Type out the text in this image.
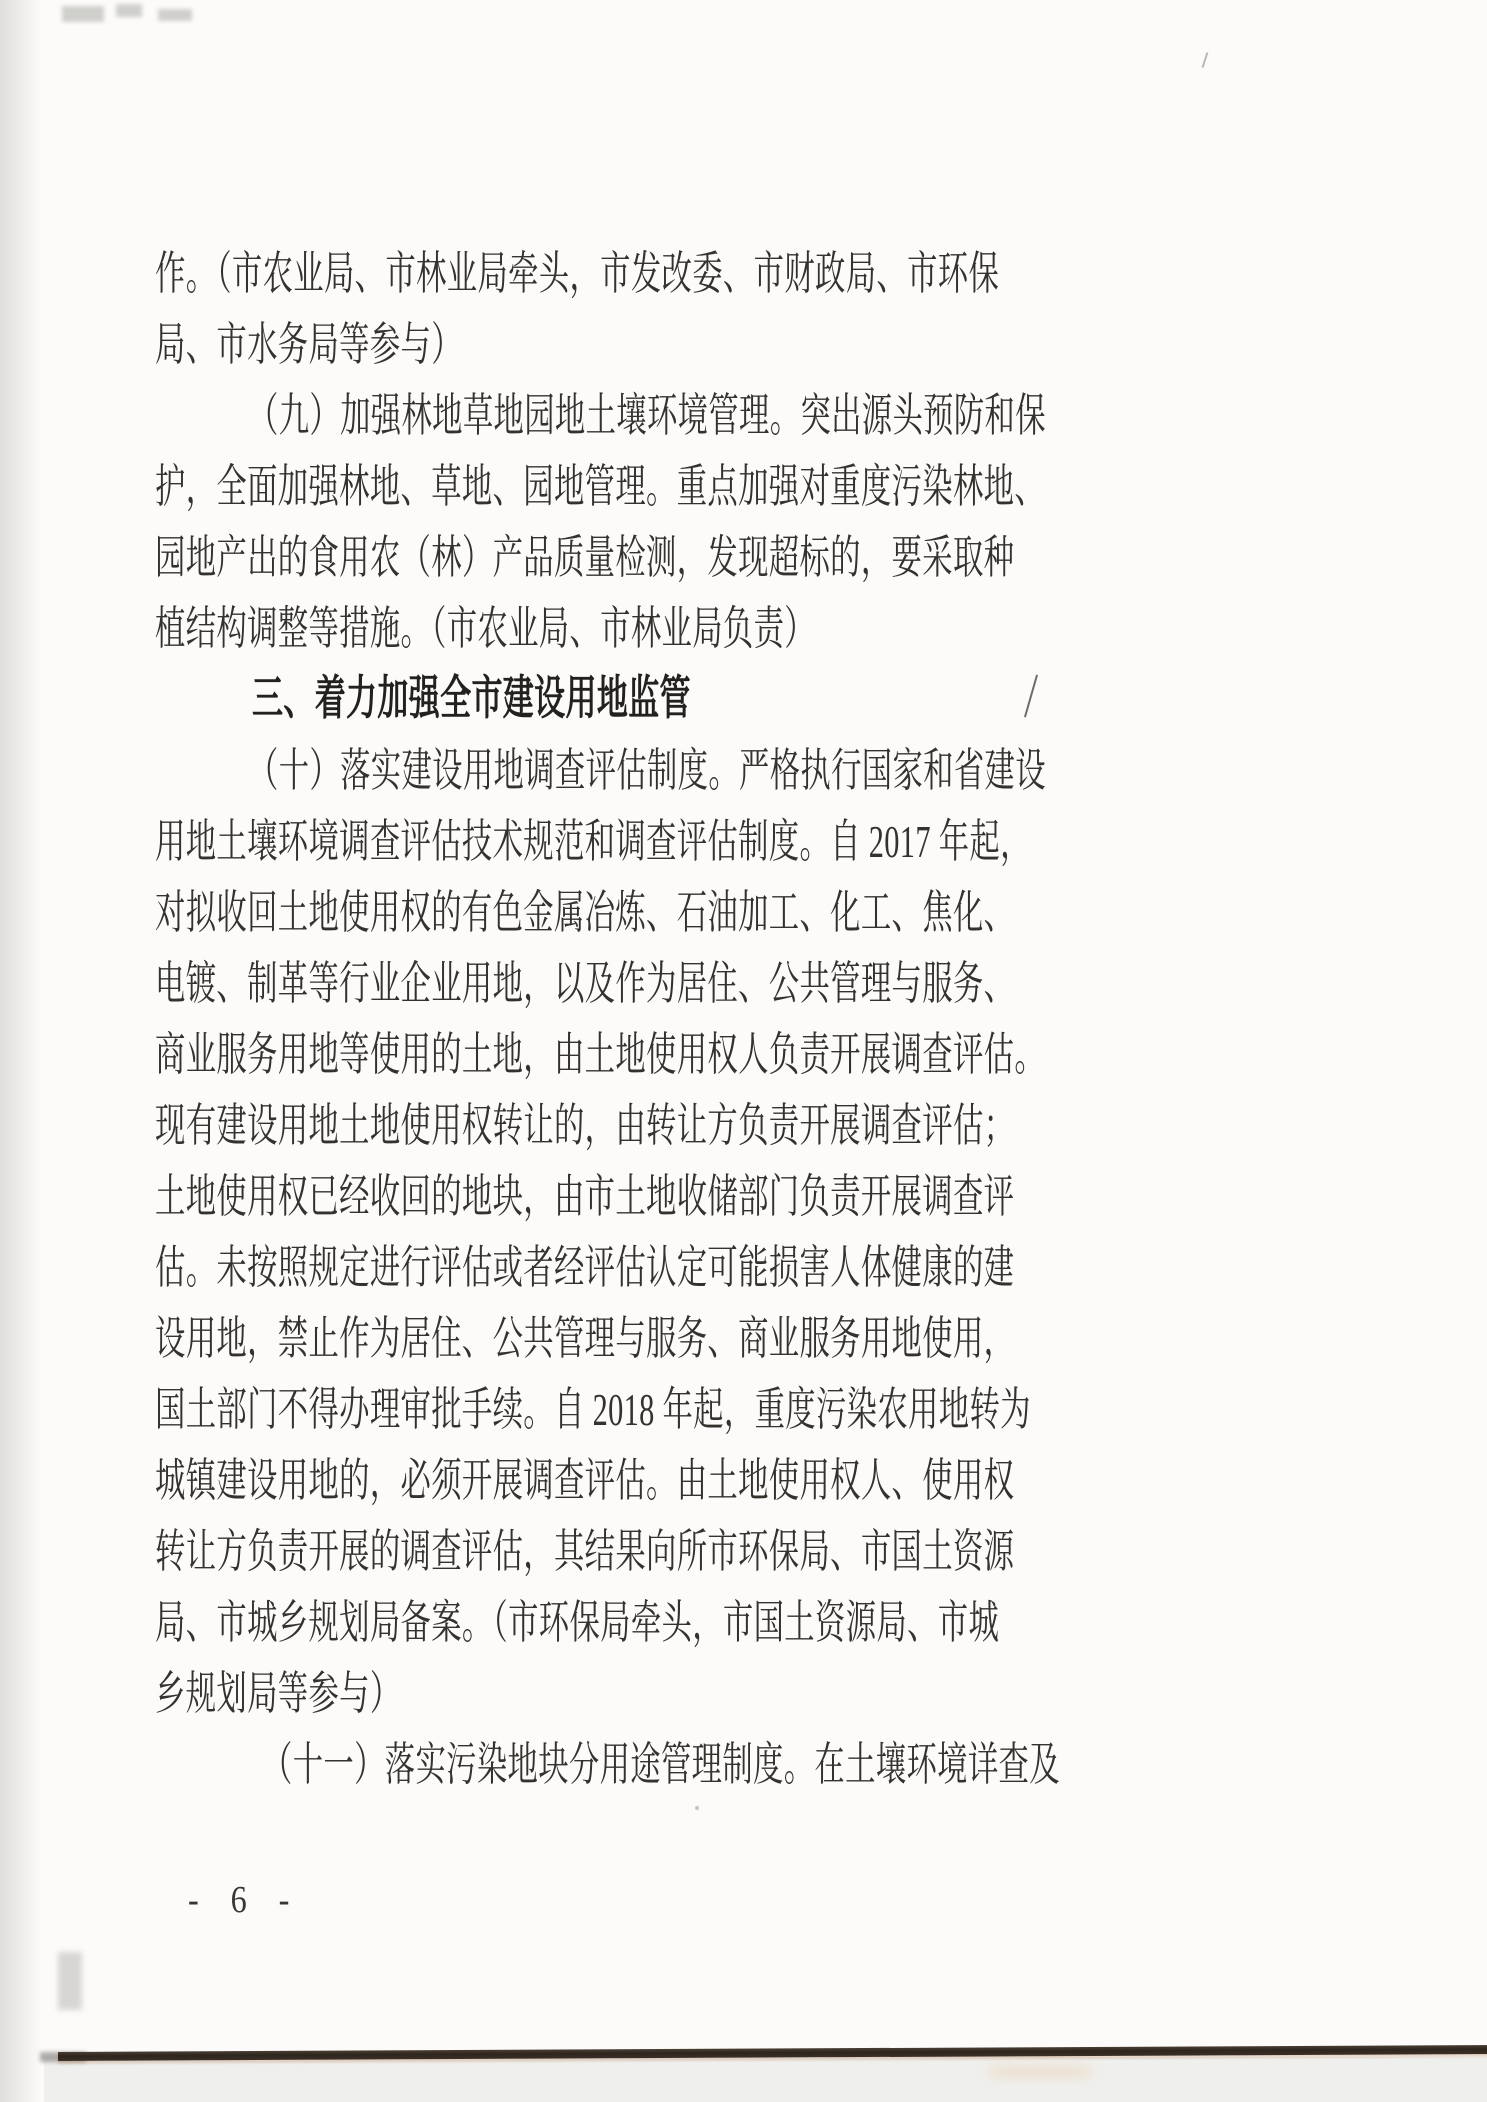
作。（市农业局、市林业局牵头，市发改委、市财政局、市环保
局、市水务局等参与）
（九）加强林地草地园地土壤环境管理。突出源头预防和保
护，全面加强林地、草地、园地管理。重点加强对重度污染林地、
园地产出的食用农（林）产品质量检测，发现超标的，要采取种
植结构调整等措施。（市农业局、市林业局负责）
三、着力加强全市建设用地监管
（十）落实建设用地调查评估制度。严格执行国家和省建设
用地土壤环境调查评估技术规范和调查评估制度。自 2017 年起，
对拟收回土地使用权的有色金属冶炼、石油加工、化工、焦化、
电镀、制革等行业企业用地，以及作为居住、公共管理与服务、
商业服务用地等使用的土地，由土地使用权人负责开展调查评估。
现有建设用地土地使用权转让的，由转让方负责开展调查评估；
土地使用权已经收回的地块，由市土地收储部门负责开展调查评
估。未按照规定进行评估或者经评估认定可能损害人体健康的建
设用地，禁止作为居住、公共管理与服务、商业服务用地使用，
国土部门不得办理审批手续。自 2018 年起，重度污染农用地转为
城镇建设用地的，必须开展调查评估。由土地使用权人、使用权
转让方负责开展的调查评估，其结果向所市环保局、市国土资源
局、市城乡规划局备案。（市环保局牵头，市国土资源局、市城
乡规划局等参与）
（十一）落实污染地块分用途管理制度。在土壤环境详查及
- 6 -
